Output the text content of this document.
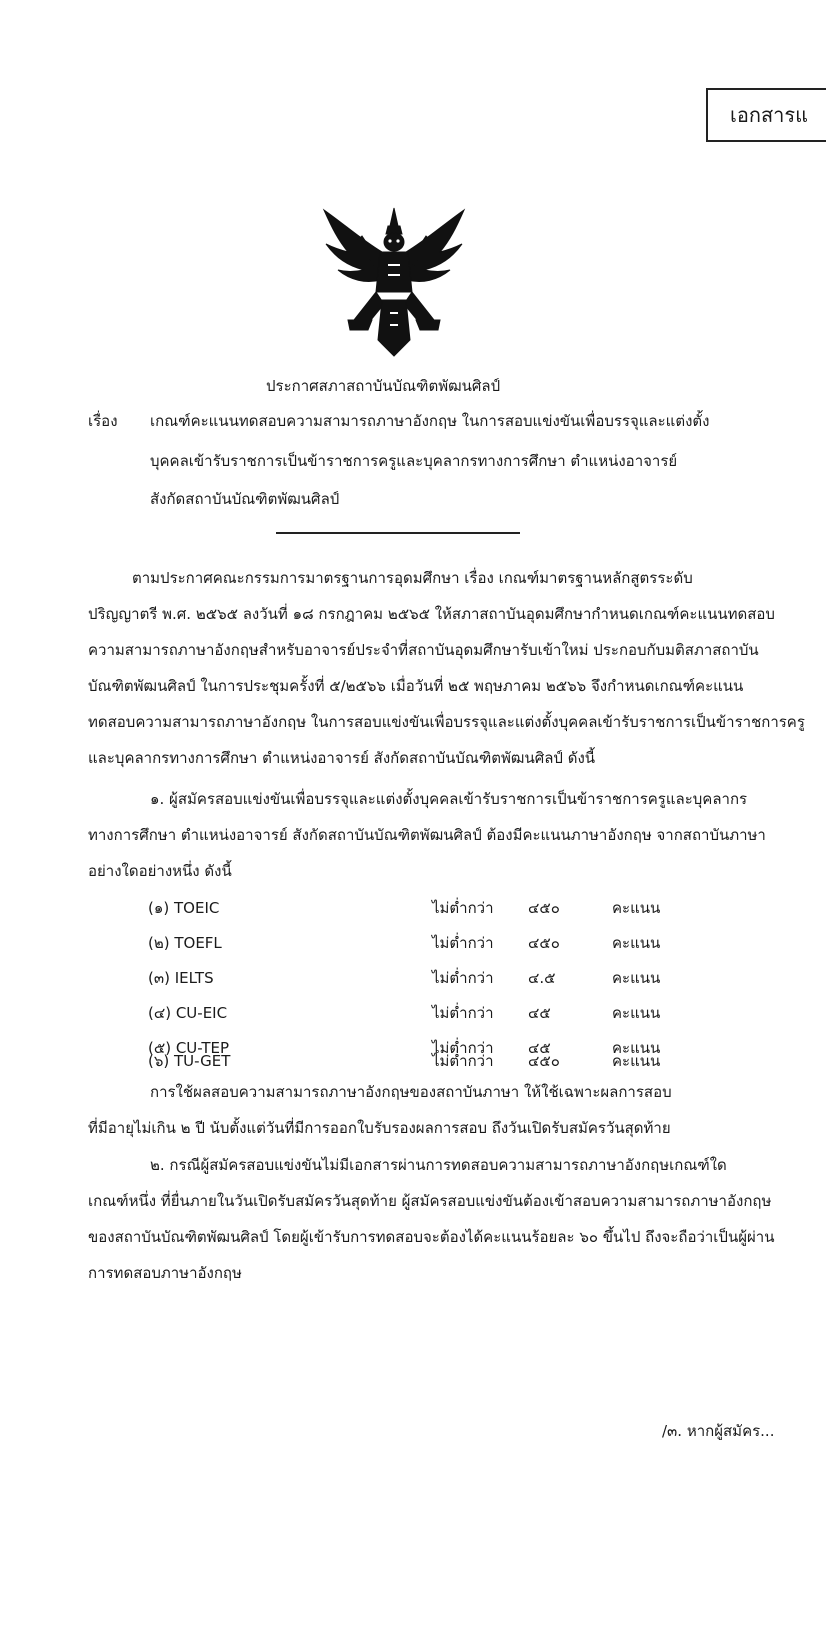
เอกสารแ
ประกาศสภาสถาบันบัณฑิตพัฒนศิลป์
เรื่อง เกณฑ์คะแนนทดสอบความสามารถภาษาอังกฤษ ในการสอบแข่งขันเพื่อบรรจุและแต่งตั้ง
บุคคลเข้ารับราชการเป็นข้าราชการครูและบุคลากรทางการศึกษา ตำแหน่งอาจารย์
สังกัดสถาบันบัณฑิตพัฒนศิลป์
ตามประกาศคณะกรรมการมาตรฐานการอุดมศึกษา เรื่อง เกณฑ์มาตรฐานหลักสูตรระดับ
ปริญญาตรี พ.ศ. ๒๕๖๕ ลงวันที่ ๑๘ กรกฎาคม ๒๕๖๕ ให้สภาสถาบันอุดมศึกษากำหนดเกณฑ์คะแนนทดสอบ
ความสามารถภาษาอังกฤษสำหรับอาจารย์ประจำที่สถาบันอุดมศึกษารับเข้าใหม่ ประกอบกับมติสภาสถาบัน
บัณฑิตพัฒนศิลป์ ในการประชุมครั้งที่ ๕/๒๕๖๖ เมื่อวันที่ ๒๕ พฤษภาคม ๒๕๖๖ จึงกำหนดเกณฑ์คะแนน
ทดสอบความสามารถภาษาอังกฤษ ในการสอบแข่งขันเพื่อบรรจุและแต่งตั้งบุคคลเข้ารับราชการเป็นข้าราชการครู
และบุคลากรทางการศึกษา ตำแหน่งอาจารย์ สังกัดสถาบันบัณฑิตพัฒนศิลป์ ดังนี้
๑. ผู้สมัครสอบแข่งขันเพื่อบรรจุและแต่งตั้งบุคคลเข้ารับราชการเป็นข้าราชการครูและบุคลากร
ทางการศึกษา ตำแหน่งอาจารย์ สังกัดสถาบันบัณฑิตพัฒนศิลป์ ต้องมีคะแนนภาษาอังกฤษ จากสถาบันภาษา
อย่างใดอย่างหนึ่ง ดังนี้
(๑) TOEIC	ไม่ต่ำกว่า ๔๕๐	คะแนน
(๒) TOEFL	ไม่ต่ำกว่า ๔๕๐	คะแนน
(๓) IELTS	ไม่ต่ำกว่า ๔.๕	คะแนน
(๔) CU-EIC	ไม่ต่ำกว่า ๔๕	คะแนน
(๕) CU-TEP	ไม่ต่ำกว่า ๔๕	คะแนน
(๖) TU-GET	ไม่ต่ำกว่า ๔๕๐	คะแนน
การใช้ผลสอบความสามารถภาษาอังกฤษของสถาบันภาษา ให้ใช้เฉพาะผลการสอบ
ที่มีอายุไม่เกิน ๒ ปี นับตั้งแต่วันที่มีการออกใบรับรองผลการสอบ ถึงวันเปิดรับสมัครวันสุดท้าย
๒. กรณีผู้สมัครสอบแข่งขันไม่มีเอกสารผ่านการทดสอบความสามารถภาษาอังกฤษเกณฑ์ใด
เกณฑ์หนึ่ง ที่ยื่นภายในวันเปิดรับสมัครวันสุดท้าย ผู้สมัครสอบแข่งขันต้องเข้าสอบความสามารถภาษาอังกฤษ
ของสถาบันบัณฑิตพัฒนศิลป์ โดยผู้เข้ารับการทดสอบจะต้องได้คะแนนร้อยละ ๖๐ ขึ้นไป ถึงจะถือว่าเป็นผู้ผ่าน
การทดสอบภาษาอังกฤษ
/๓. หากผู้สมัคร...
